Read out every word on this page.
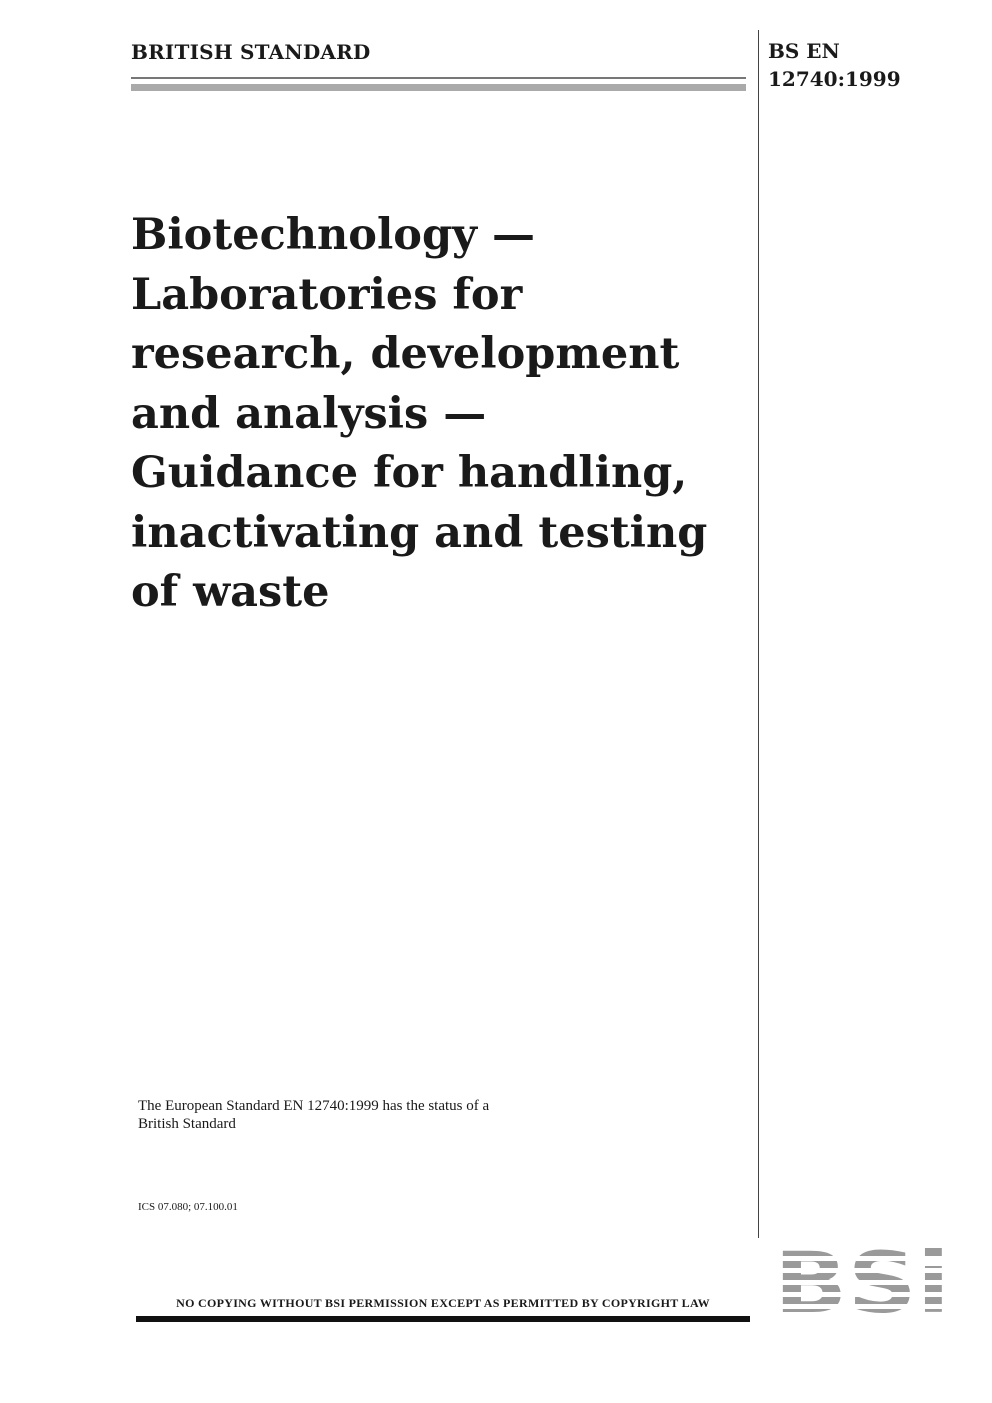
BRITISH STANDARD	BS EN
12740:1999
Biotechnology —
Laboratories for
research, development
and analysis —
Guidance for handling,
inactivating and testing
of waste
The European Standard EN 12740:1999 has the status of a
British Standard
ICS 07.080; 07.100.01
NO COPYING WITHOUT BSI PERMISSION EXCEPT AS PERMITTED BY COPYRIGHT LAW
